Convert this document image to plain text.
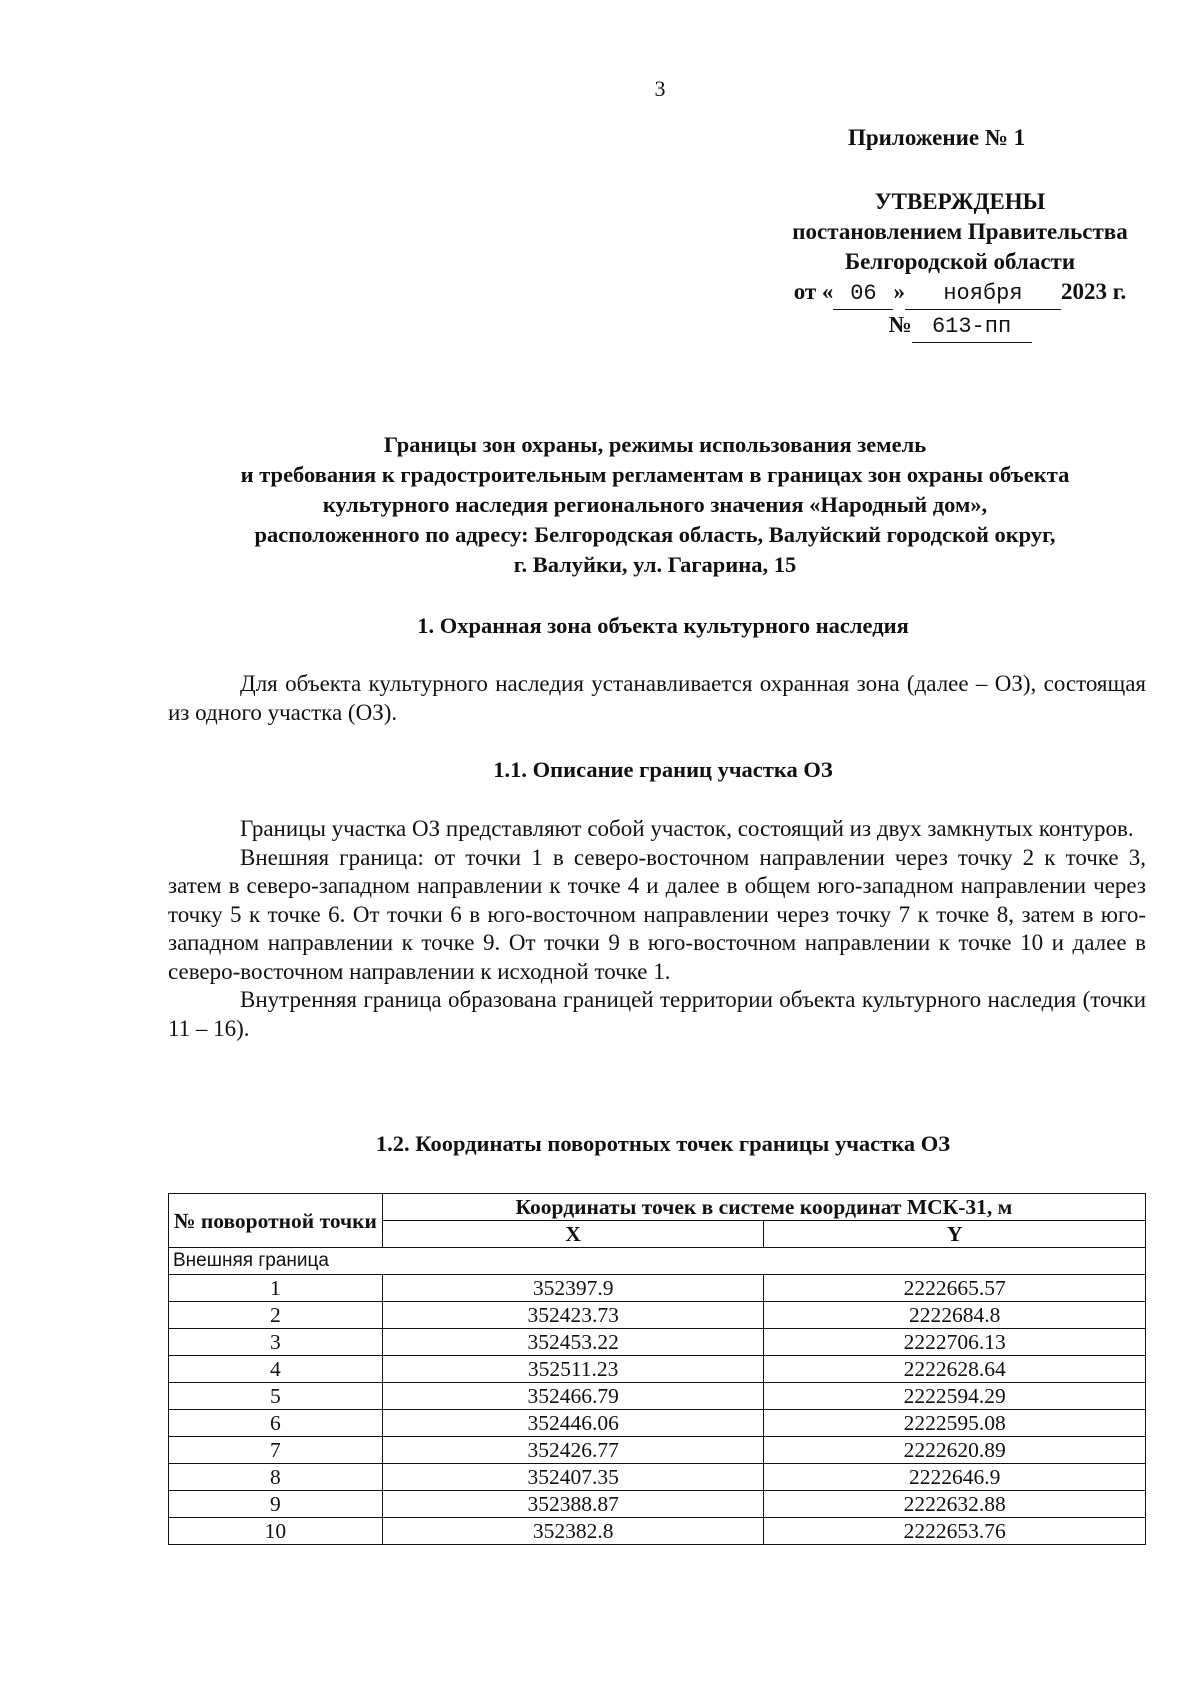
3
Приложение № 1
УТВЕРЖДЕНЫ
постановлением Правительства
Белгородской области
от « 06 » ноября 2023 г.
№ 613-пп
Границы зон охраны, режимы использования земель
и требования к градостроительным регламентам в границах зон охраны объекта
культурного наследия регионального значения «Народный дом»,
расположенного по адресу: Белгородская область, Валуйский городской округ,
г. Валуйки, ул. Гагарина, 15
1. Охранная зона объекта культурного наследия

Для объекта культурного наследия устанавливается охранная зона (далее – ОЗ), состоящая из одного участка (ОЗ).

1.1. Описание границ участка ОЗ

Границы участка ОЗ представляют собой участок, состоящий из двух замкнутых контуров.

Внешняя граница: от точки 1 в северо-восточном направлении через точку 2 к точке 3, затем в северо-западном направлении к точке 4 и далее в общем юго-западном направлении через точку 5 к точке 6. От точки 6 в юго-восточном направлении через точку 7 к точке 8, затем в юго-западном направлении к точке 9. От точки 9 в юго-восточном направлении к точке 10 и далее в северо-восточном направлении к исходной точке 1.

Внутренняя граница образована границей территории объекта культурного наследия (точки 11 – 16).

1.2. Координаты поворотных точек границы участка ОЗ
№ поворотной точки	Координаты точек в системе координат МСК-31, м	
	X	Y
Внешняя граница		
1	352397.9	2222665.57
2	352423.73	2222684.8
3	352453.22	2222706.13
4	352511.23	2222628.64
5	352466.79	2222594.29
6	352446.06	2222595.08
7	352426.77	2222620.89
8	352407.35	2222646.9
9	352388.87	2222632.88
10	352382.8	2222653.76
